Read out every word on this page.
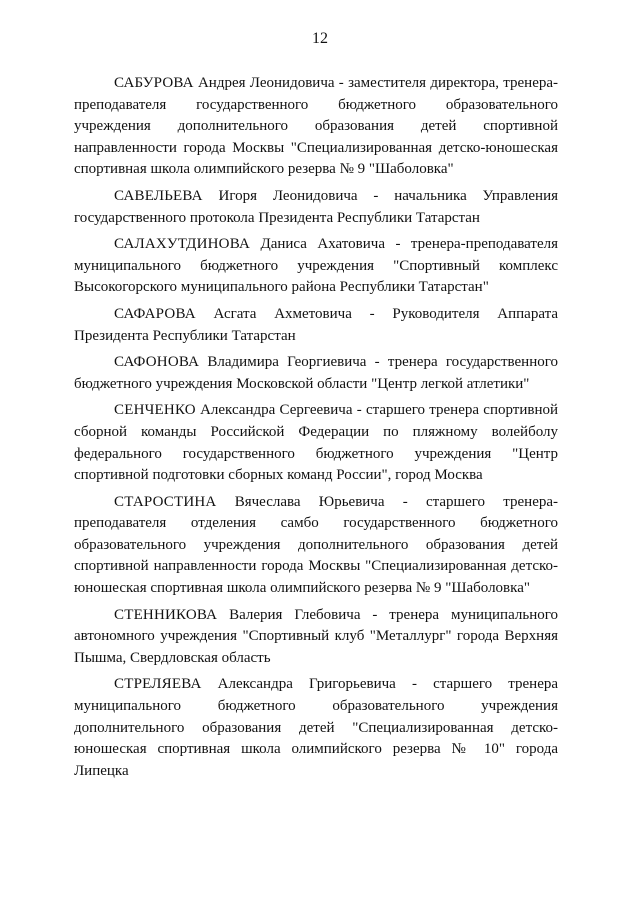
12

САБУРОВА Андрея Леонидовича - заместителя директора, тренера-преподавателя государственного бюджетного образовательного учреждения дополнительного образования детей спортивной направленности города Москвы "Специализированная детско-юношеская спортивная школа олимпийского резерва № 9 "Шаболовка"

САВЕЛЬЕВА Игоря Леонидовича - начальника Управления государственного протокола Президента Республики Татарстан

САЛАХУТДИНОВА Даниса Ахатовича - тренера-преподавателя муниципального бюджетного учреждения "Спортивный комплекс Высокогорского муниципального района Республики Татарстан"

САФАРОВА Асгата Ахметовича - Руководителя Аппарата Президента Республики Татарстан

САФОНОВА Владимира Георгиевича - тренера государственного бюджетного учреждения Московской области "Центр легкой атлетики"

СЕНЧЕНКО Александра Сергеевича - старшего тренера спортивной сборной команды Российской Федерации по пляжному волейболу федерального государственного бюджетного учреждения "Центр спортивной подготовки сборных команд России", город Москва

СТАРОСТИНА Вячеслава Юрьевича - старшего тренера-преподавателя отделения самбо государственного бюджетного образовательного учреждения дополнительного образования детей спортивной направленности города Москвы "Специализированная детско-юношеская спортивная школа олимпийского резерва № 9 "Шаболовка"

СТЕННИКОВА Валерия Глебовича - тренера муниципального автономного учреждения "Спортивный клуб "Металлург" города Верхняя Пышма, Свердловская область

СТРЕЛЯЕВА Александра Григорьевича - старшего тренера муниципального бюджетного образовательного учреждения дополнительного образования детей "Специализированная детско-юношеская спортивная школа олимпийского резерва № 10" города Липецка
